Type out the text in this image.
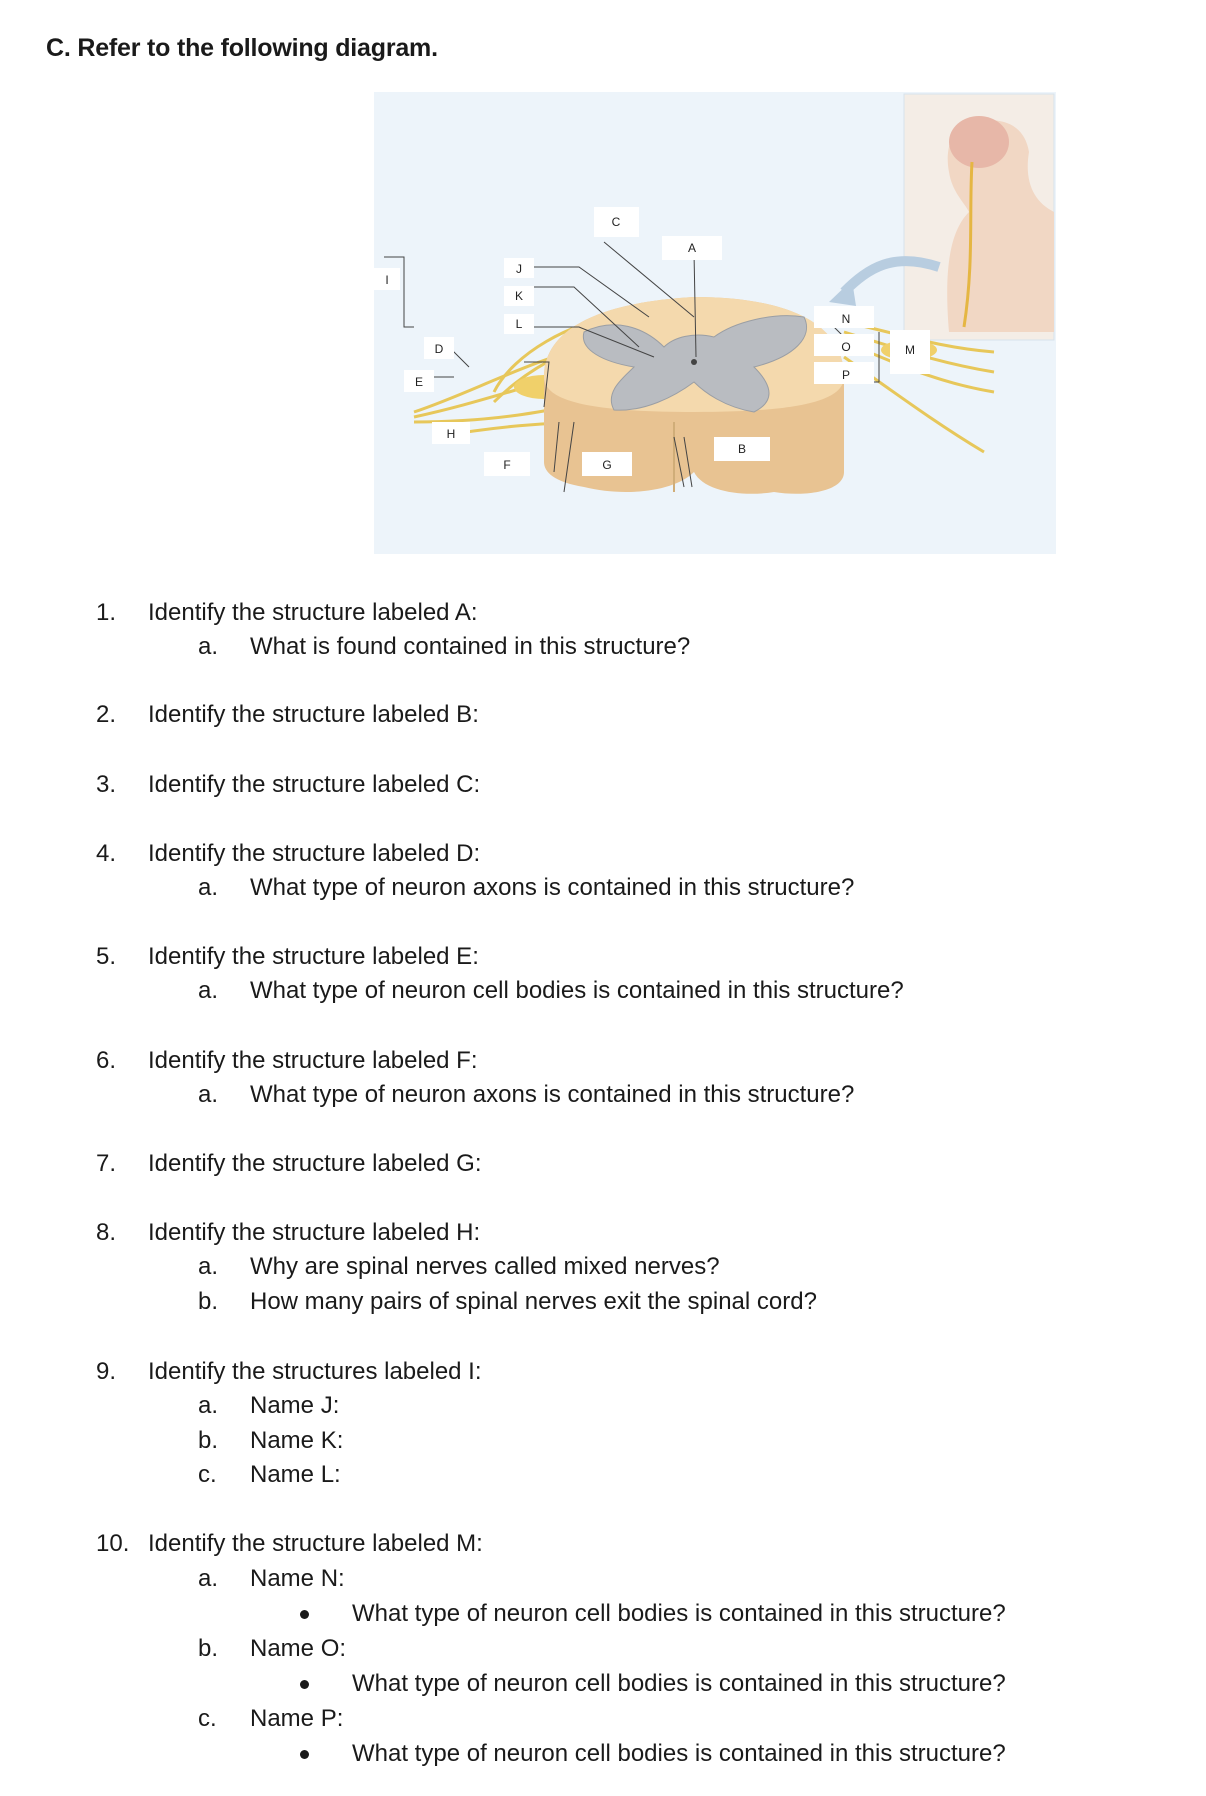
C. Refer to the following diagram.
J
K
L
I
D
E
H
F
C
A
G
B
N
O
P
M
1. Identify the structure labeled A:
a. What is found contained in this structure?
2. Identify the structure labeled B:
3. Identify the structure labeled C:
4. Identify the structure labeled D:
a. What type of neuron axons is contained in this structure?
5. Identify the structure labeled E:
a. What type of neuron cell bodies is contained in this structure?
6. Identify the structure labeled F:
a. What type of neuron axons is contained in this structure?
7. Identify the structure labeled G:
8. Identify the structure labeled H:
a. Why are spinal nerves called mixed nerves?
b. How many pairs of spinal nerves exit the spinal cord?
9. Identify the structures labeled I:
a. Name J:
b. Name K:
c. Name L:
10. Identify the structure labeled M:
a. Name N:
What type of neuron cell bodies is contained in this structure?
b. Name O:
What type of neuron cell bodies is contained in this structure?
c. Name P:
What type of neuron cell bodies is contained in this structure?
